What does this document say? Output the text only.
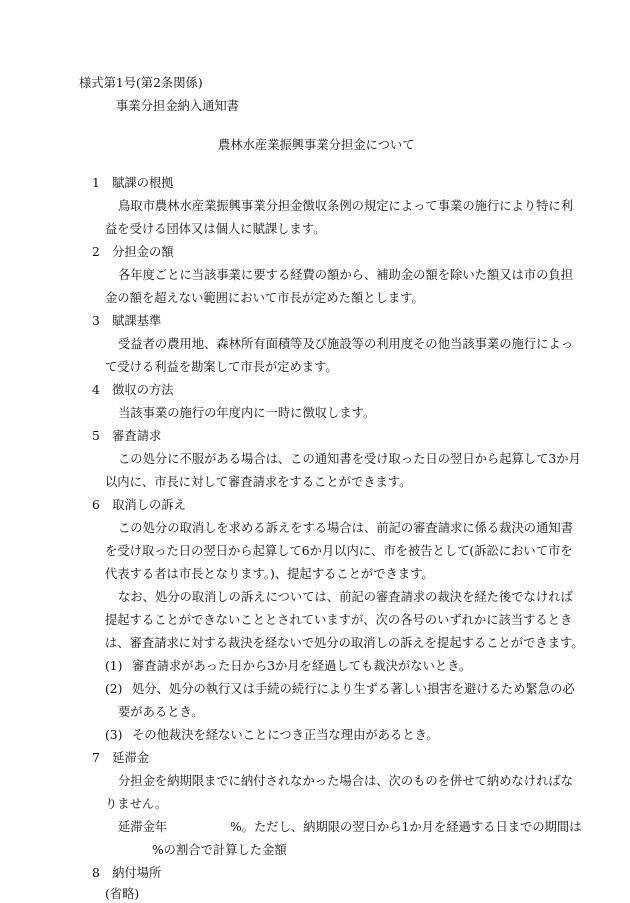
様式第1号(第2条関係)
事業分担金納入通知書
農林水産業振興事業分担金について
1　賦課の根拠
鳥取市農林水産業振興事業分担金徴収条例の規定によって事業の施行により特に利
益を受ける団体又は個人に賦課します。
2　分担金の額
各年度ごとに当該事業に要する経費の額から、補助金の額を除いた額又は市の負担
金の額を超えない範囲において市長が定めた額とします。
3　賦課基準
受益者の農用地、森林所有面積等及び施設等の利用度その他当該事業の施行によっ
て受ける利益を勘案して市長が定めます。
4　徴収の方法
当該事業の施行の年度内に一時に徴収します。
5　審査請求
この処分に不服がある場合は、この通知書を受け取った日の翌日から起算して3か月
以内に、市長に対して審査請求をすることができます。
6　取消しの訴え
この処分の取消しを求める訴えをする場合は、前記の審査請求に係る裁決の通知書
を受け取った日の翌日から起算して6か月以内に、市を被告として(訴訟において市を
代表する者は市長となります。)、提起することができます。
なお、処分の取消しの訴えについては、前記の審査請求の裁決を経た後でなければ
提起することができないこととされていますが、次の各号のいずれかに該当するとき
は、審査請求に対する裁決を経ないで処分の取消しの訴えを提起することができます。
(1) 審査請求があった日から3か月を経過しても裁決がないとき。
(2) 処分、処分の執行又は手続の続行により生ずる著しい損害を避けるため緊急の必
要があるとき。
(3) その他裁決を経ないことにつき正当な理由があるとき。
7　延滞金
分担金を納期限までに納付されなかった場合は、次のものを併せて納めなければな
りません。
延滞金年	%。ただし、納期限の翌日から1か月を経過する日までの期間は
%の割合で計算した金額
8　納付場所
(省略)
